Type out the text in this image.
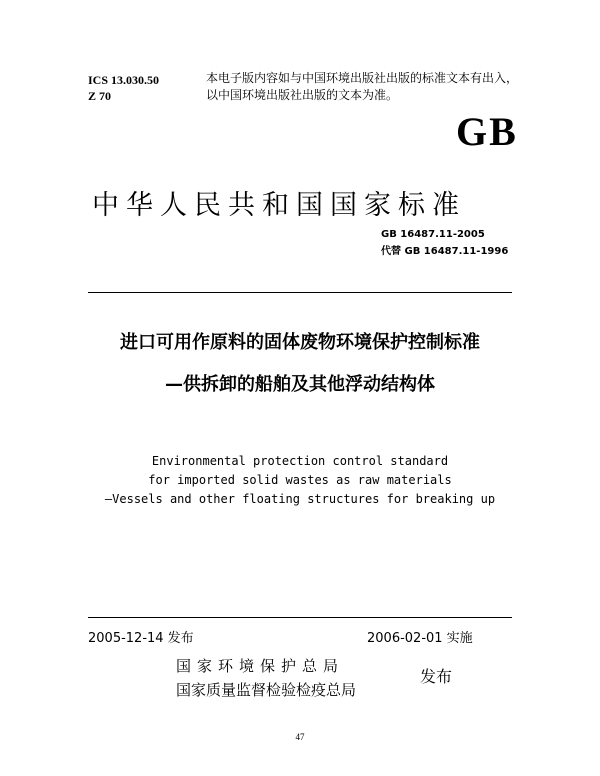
ICS 13.030.50
Z 70
本电子版内容如与中国环境出版社出版的标准文本有出入，
以中国环境出版社出版的文本为准。
GB
中华人民共和国国家标准
GB 16487.11-2005
代替 GB 16487.11-1996
进口可用作原料的固体废物环境保护控制标准
—供拆卸的船舶及其他浮动结构体
Environmental protection control standard
for imported solid wastes as raw materials
—Vessels and other floating structures for breaking up
2005-12-14 发布	2006-02-01 实施
国家环境保护总局
国家质量监督检验检疫总局
发布
47
